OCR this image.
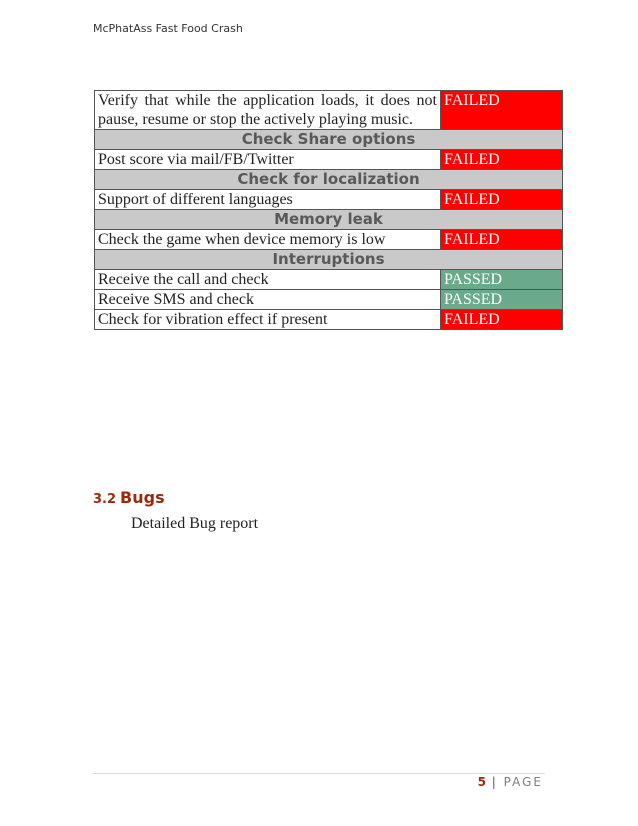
McPhatAss Fast Food Crash
Verify that while the application loads, it does not pause, resume or stop the actively playing music.	FAILED
Check Share options	
Post score via mail/FB/Twitter	FAILED
Check for localization	
Support of different languages	FAILED
Memory leak	
Check the game when device memory is low	FAILED
Interruptions	
Receive the call and check	PASSED
Receive SMS and check	PASSED
Check for vibration effect if present	FAILED
3.2 Bugs
Detailed Bug report
5 | PAGE
